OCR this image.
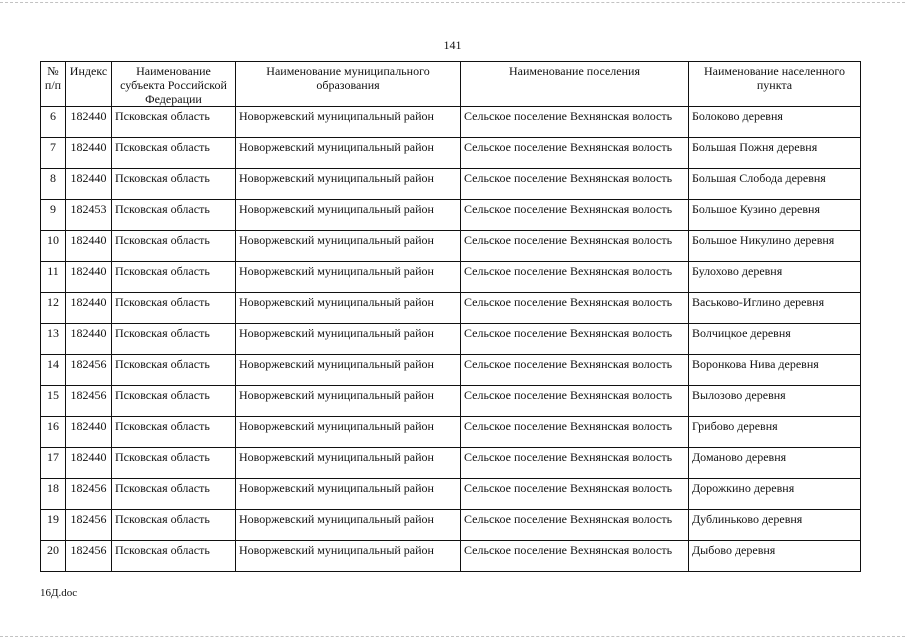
141
№ п/п	Индекс	Наименование субъекта Российской Федерации	Наименование муниципального образования	Наименование поселения	Наименование населенного пункта
6	182440	Псковская область	Новоржевский муниципальный район	Сельское поселение Вехнянская волость	Болоково деревня
7	182440	Псковская область	Новоржевский муниципальный район	Сельское поселение Вехнянская волость	Большая Пожня деревня
8	182440	Псковская область	Новоржевский муниципальный район	Сельское поселение Вехнянская волость	Большая Слобода деревня
9	182453	Псковская область	Новоржевский муниципальный район	Сельское поселение Вехнянская волость	Большое Кузино деревня
10	182440	Псковская область	Новоржевский муниципальный район	Сельское поселение Вехнянская волость	Большое Никулино деревня
11	182440	Псковская область	Новоржевский муниципальный район	Сельское поселение Вехнянская волость	Булохово деревня
12	182440	Псковская область	Новоржевский муниципальный район	Сельское поселение Вехнянская волость	Васьково-Иглино деревня
13	182440	Псковская область	Новоржевский муниципальный район	Сельское поселение Вехнянская волость	Волчицкое деревня
14	182456	Псковская область	Новоржевский муниципальный район	Сельское поселение Вехнянская волость	Воронкова Нива деревня
15	182456	Псковская область	Новоржевский муниципальный район	Сельское поселение Вехнянская волость	Вылозово деревня
16	182440	Псковская область	Новоржевский муниципальный район	Сельское поселение Вехнянская волость	Грибово деревня
17	182440	Псковская область	Новоржевский муниципальный район	Сельское поселение Вехнянская волость	Доманово деревня
18	182456	Псковская область	Новоржевский муниципальный район	Сельское поселение Вехнянская волость	Дорожкино деревня
19	182456	Псковская область	Новоржевский муниципальный район	Сельское поселение Вехнянская волость	Дублиньково деревня
20	182456	Псковская область	Новоржевский муниципальный район	Сельское поселение Вехнянская волость	Дыбово деревня
16Д.doc
